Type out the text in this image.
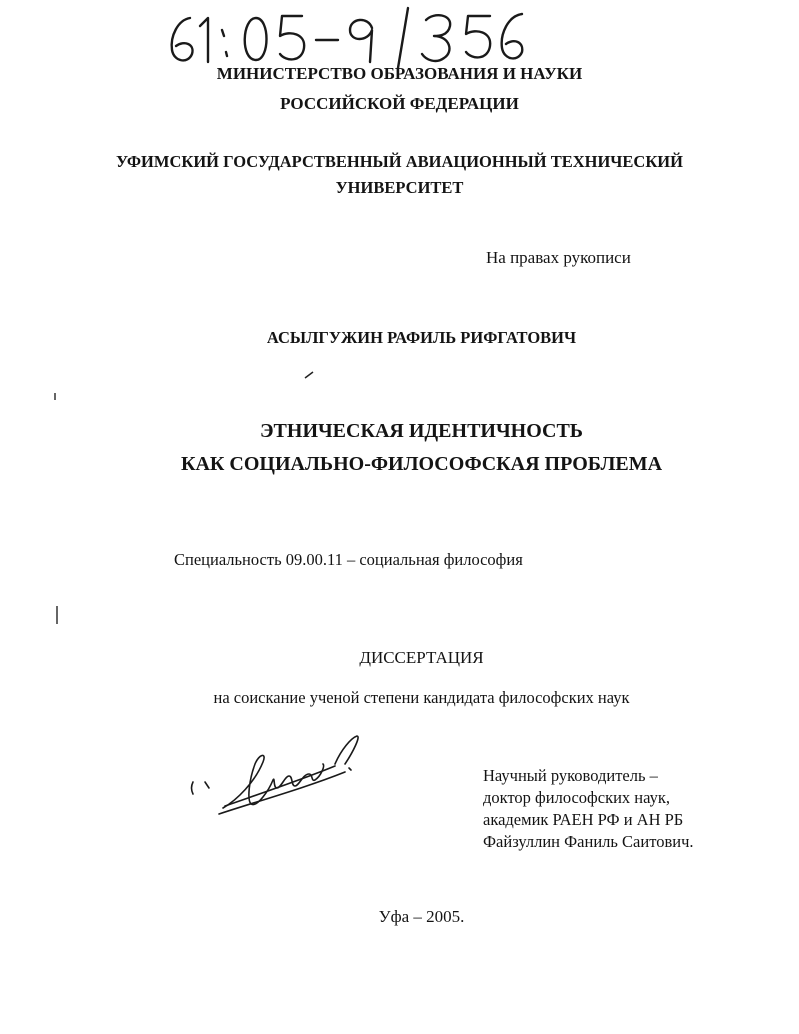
МИНИСТЕРСТВО ОБРАЗОВАНИЯ И НАУКИ
РОССИЙСКОЙ ФЕДЕРАЦИИ
УФИМСКИЙ ГОСУДАРСТВЕННЫЙ АВИАЦИОННЫЙ ТЕХНИЧЕСКИЙ
УНИВЕРСИТЕТ
На правах рукописи
АСЫЛГУЖИН РАФИЛЬ РИФГАТОВИЧ
ЭТНИЧЕСКАЯ ИДЕНТИЧНОСТЬ
КАК СОЦИАЛЬНО-ФИЛОСОФСКАЯ ПРОБЛЕМА
Специальность 09.00.11 – социальная философия
ДИССЕРТАЦИЯ
на соискание ученой степени кандидата философских наук
Научный руководитель –
доктор философских наук,
академик РАЕН РФ и АН РБ
Файзуллин Фаниль Саитович.
Уфа – 2005.
